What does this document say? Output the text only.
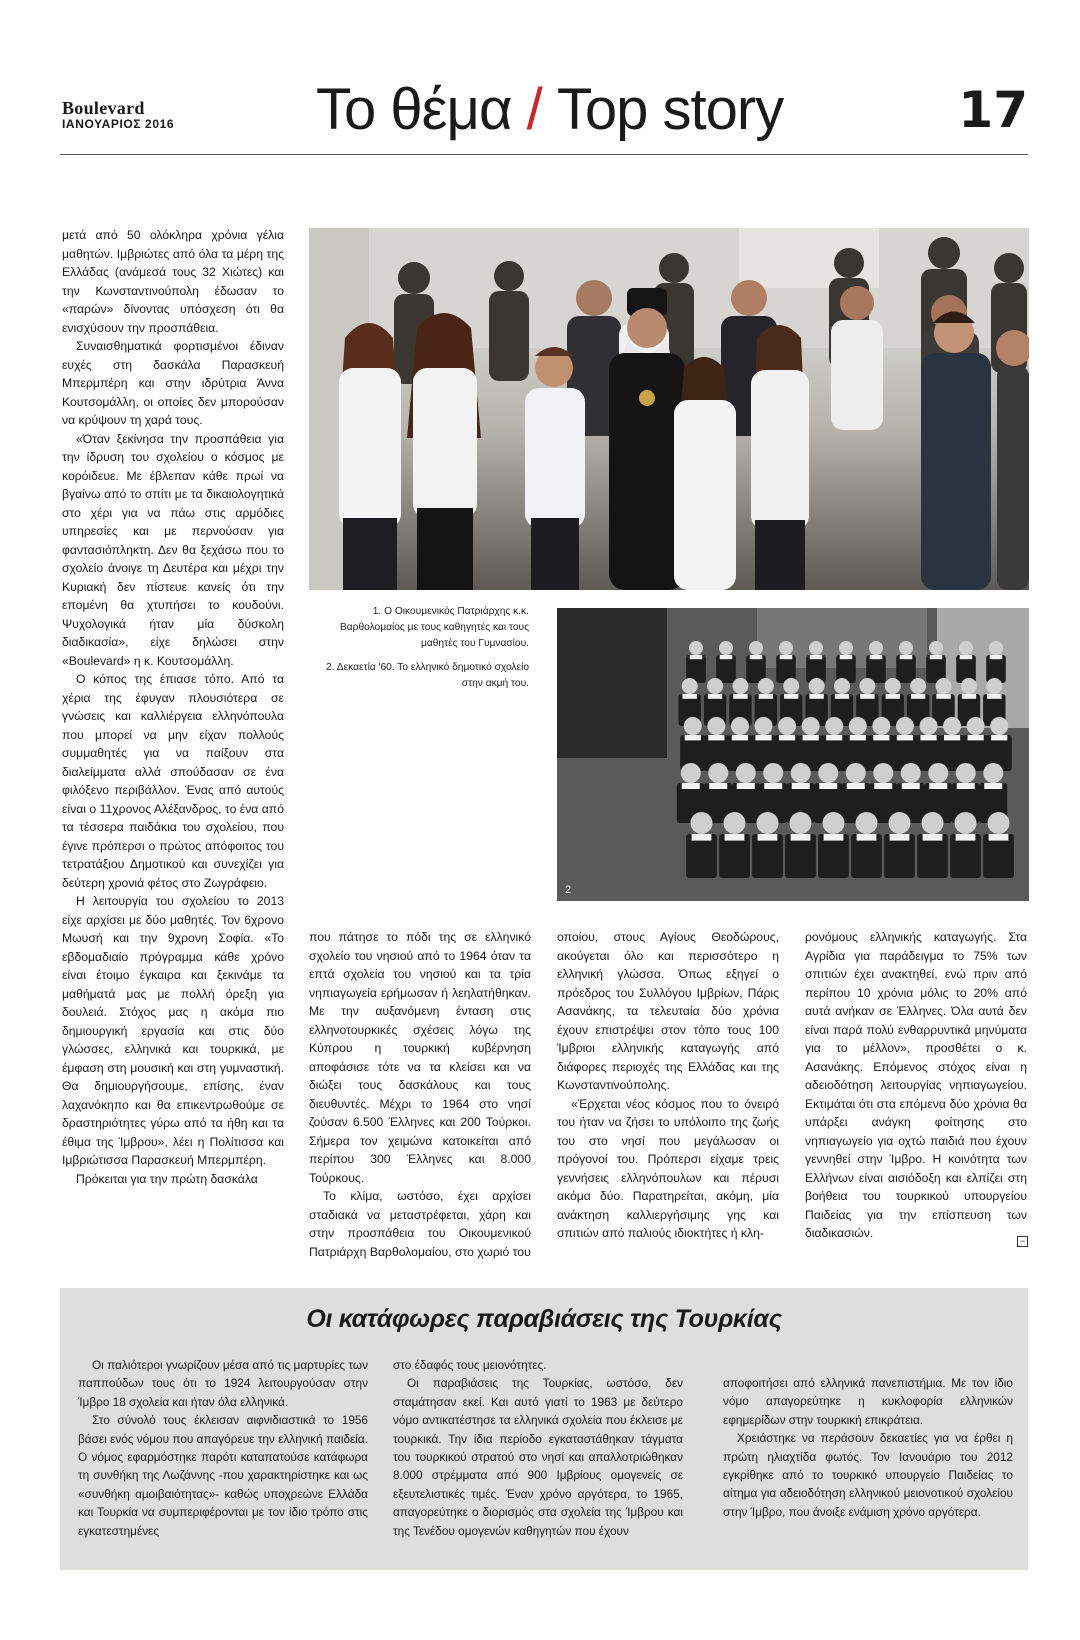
Boulevard
ΙΑΝΟΥΑΡΙΟΣ 2016 Το θέμα / Top story	17

μετά από 50 ολόκληρα χρόνια γέλια μαθητών. Ιμβριώτες από όλα τα μέρη της Ελλάδας (ανάμεσά τους 32 Χιώτες) και την Κωνσταντινούπολη έδωσαν το «παρών» δίνοντας υπόσχεση ότι θα ενισχύσουν την προσπάθεια.

Συναισθηματικά φορτισμένοι έδιναν ευχές στη δασκάλα Παρασκευή Μπερμπέρη και στην ιδρύτρια Άννα Κουτσομάλλη, οι οποίες δεν μπορούσαν να κρύψουν τη χαρά τους.

«Όταν ξεκίνησα την προσπάθεια για την ίδρυση του σχολείου ο κόσμος με κορόιδευε. Με έβλεπαν κάθε πρωί να βγαίνω από το σπίτι με τα δικαιολογητικά στο χέρι για να πάω στις αρμόδιες υπηρεσίες και με περνούσαν για φαντασιόπληκτη. Δεν θα ξεχάσω που το σχολείο άνοιγε τη Δευτέρα και μέχρι την Κυριακή δεν πίστευε κανείς ότι την επομένη θα χτυπήσει το κουδούνι. Ψυχολογικά ήταν μία δύσκολη διαδικασία», είχε δηλώσει στην «Boulevard» η κ. Κουτσομάλλη.

Ο κόπος της έπιασε τόπο. Από τα χέρια της έφυγαν πλουσιότερα σε γνώσεις και καλλιέργεια ελληνόπουλα που μπορεί να μην είχαν πολλούς συμμαθητές για να παίξουν στα διαλείμματα αλλά σπούδασαν σε ένα φιλόξενο περιβάλλον. Ένας από αυτούς είναι ο 11χρονος Αλέξανδρος, το ένα από τα τέσσερα παιδάκια του σχολείου, που έγινε πρόπερσι ο πρώτος απόφοιτος του τετρατάξιου Δημοτικού και συνεχίζει για δεύτερη χρονιά φέτος στο Ζωγράφειο.

Η λειτουργία του σχολείου το 2013 είχε αρχίσει με δύο μαθητές. Τον 6χρονο Μωυσή και την 9χρονη Σοφία. «Το εβδομαδιαίο πρόγραμμα κάθε χρόνο είναι έτοιμο έγκαιρα και ξεκινάμε τα μαθήματά μας με πολλή όρεξη για δουλειά. Στόχος μας η ακόμα πιο δημιουργική εργασία και στις δύο γλώσσες, ελληνικά και τουρκικά, με έμφαση στη μουσική και στη γυμναστική. Θα δημιουργήσουμε, επίσης, έναν λαχανόκηπο και θα επικεντρωθούμε σε δραστηριότητες γύρω από τα ήθη και τα έθιμα της Ίμβρου», λέει η Πολίτισσα και Ιμβριώτισσα Παρασκευή Μπερμπέρη.

Πρόκειται για την πρώτη δασκάλα

1. Ο Οικουμενικός Πατριάρχης κ.κ. Βαρθολομαίος με τους καθηγητές και τους μαθητές του Γυμνασίου.

2. Δεκαετία '60. Το ελληνικό δημοτικό σχολείο στην ακμή του.

2

που πάτησε το πόδι της σε ελληνικό σχολείο του νησιού από το 1964 όταν τα επτά σχολεία του νησιού και τα τρία νηπιαγωγεία ερήμωσαν ή λεηλατήθηκαν. Με την αυξανόμενη ένταση στις ελληνοτουρκικές σχέσεις λόγω της Κύπρου η τουρκική κυβέρνηση αποφάσισε τότε να τα κλείσει και να διώξει τους δασκάλους και τους διευθυντές. Μέχρι το 1964 στο νησί ζούσαν 6.500 Έλληνες και 200 Τούρκοι. Σήμερα τον χειμώνα κατοικείται από περίπου 300 Έλληνες και 8.000 Τούρκους.

Το κλίμα, ωστόσο, έχει αρχίσει σταδιακά να μεταστρέφεται, χάρη και στην προσπάθεια του Οικουμενικού Πατριάρχη Βαρθολομαίου, στο χωριό του

οποίου, στους Αγίους Θεοδώρους, ακούγεται όλο και περισσότερο η ελληνική γλώσσα. Όπως εξηγεί ο πρόεδρος του Συλλόγου Ιμβρίων, Πάρις Ασανάκης, τα τελευταία δύο χρόνια έχουν επιστρέψει στον τόπο τους 100 Ίμβριοι ελληνικής καταγωγής από διάφορες περιοχές της Ελλάδας και της Κωνσταντινούπολης.

«Έρχεται νέος κόσμος που το όνειρό του ήταν να ζήσει το υπόλοιπο της ζωής του στο νησί που μεγάλωσαν οι πρόγονοί του. Πρόπερσι είχαμε τρεις γεννήσεις ελληνόπουλων και πέρυσι ακόμα δύο. Παρατηρείται, ακόμη, μία ανάκτηση καλλιεργήσιμης γης και σπιτιών από παλιούς ιδιοκτήτες ή κλη-

ρονόμους ελληνικής καταγωγής. Στα Αγρίδια για παράδειγμα το 75% των σπιτιών έχει ανακτηθεί, ενώ πριν από περίπου 10 χρόνια μόλις το 20% από αυτά ανήκαν σε Έλληνες. Όλα αυτά δεν είναι παρά πολύ ενθαρρυντικά μηνύματα για το μέλλον», προσθέτει ο κ. Ασανάκης. Επόμενος στόχος είναι η αδειοδότηση λειτουργίας νηπιαγωγείου. Εκτιμάται ότι στα επόμενα δύο χρόνια θα υπάρξει ανάγκη φοίτησης στο νηπιαγωγείο για οχτώ παιδιά που έχουν γεννηθεί στην Ίμβρο. Η κοινότητα των Ελλήνων είναι αισιόδοξη και ελπίζει στη βοήθεια του τουρκικού υπουργείου Παιδείας για την επίσπευση των διαδικασιών.

−
Οι κατάφωρες παραβιάσεις της Τουρκίας

Οι παλιότεροι γνωρίζουν μέσα από τις μαρτυρίες των παππούδων τους ότι το 1924 λειτουργούσαν στην Ίμβρο 18 σχολεία και ήταν όλα ελληνικά.

Στο σύνολό τους έκλεισαν αιφνιδιαστικά το 1956 βάσει ενός νόμου που απαγόρευε την ελληνική παιδεία. Ο νόμος εφαρμόστηκε παρότι καταπατούσε κατάφωρα τη συνθήκη της Λωζάννης -που χαρακτηρίστηκε και ως «συνθήκη αμοιβαιότητας»- καθώς υποχρεώνε Ελλάδα και Τουρκία να συμπεριφέρονται με τον ίδιο τρόπο στις εγκατεστημένες

στο έδαφός τους μειονότητες.

Οι παραβιάσεις της Τουρκίας, ωστόσο, δεν σταμάτησαν εκεί. Και αυτό γιατί το 1963 με δεύτερο νόμο αντικατέστησε τα ελληνικά σχολεία που έκλεισε με τουρκικά. Την ίδια περίοδο εγκαταστάθηκαν τάγματα του τουρκικού στρατού στο νησί και απαλλοτριώθηκαν 8.000 στρέμματα από 900 Ιμβρίους ομογενείς σε εξευτελιστικές τιμές. Έναν χρόνο αργότερα, το 1965, απαγορεύτηκε ο διορισμός στα σχολεία της Ίμβρου και της Τενέδου ομογενών καθηγητών που έχουν

αποφοιτήσει από ελληνικά πανεπιστήμια. Με τον ίδιο νόμο απαγορεύτηκε η κυκλοφορία ελληνικών εφημερίδων στην τουρκική επικράτεια.

Χρειάστηκε να περάσουν δεκαετίες για να έρθει η πρώτη ηλιαχτίδα φωτός. Τον Ιανουάριο του 2012 εγκρίθηκε από το τουρκικό υπουργείο Παιδείας το αίτημα για αδειοδότηση ελληνικού μειονοτικού σχολείου στην Ίμβρο, που άνοιξε ενάμιση χρόνο αργότερα.
